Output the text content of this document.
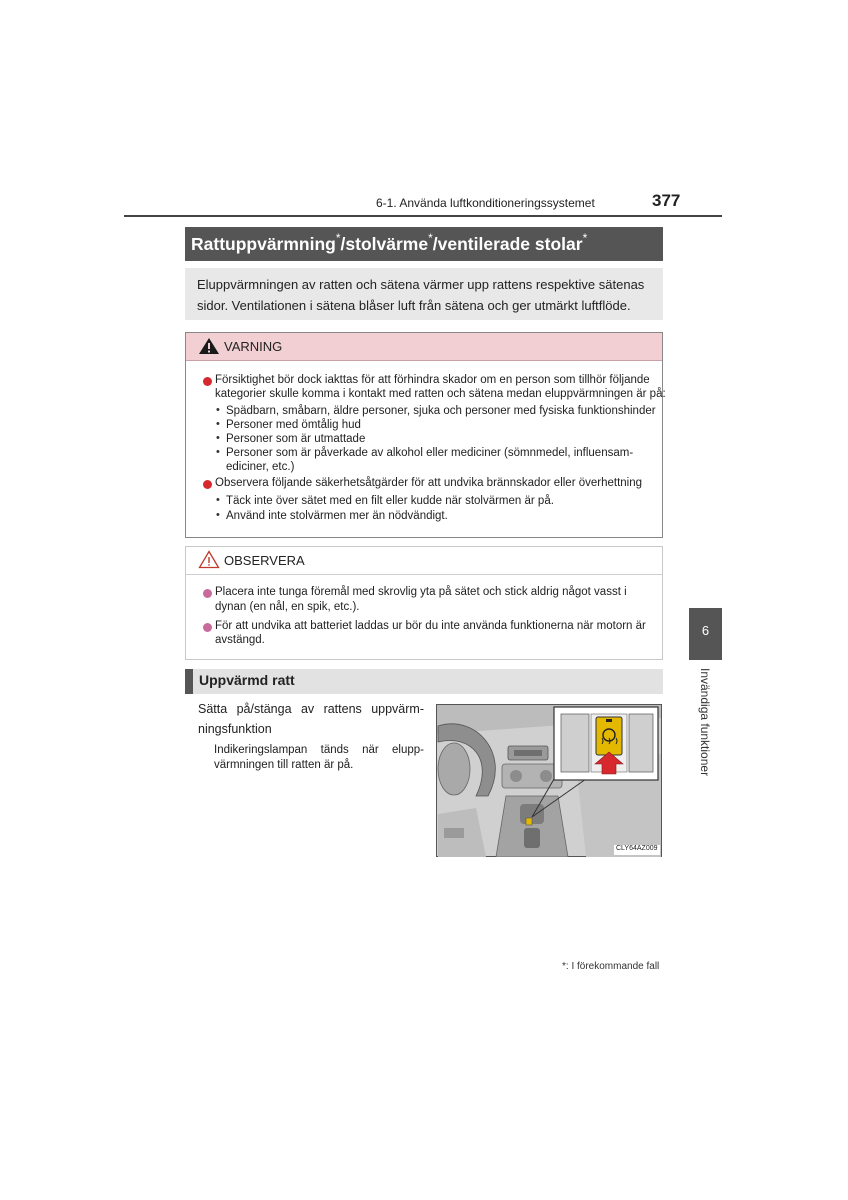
6-1. Använda luftkonditioneringssystemet	377
Rattuppvärmning*/stolvärme*/ventilerade stolar*
Eluppvärmningen av ratten och sätena värmer upp rattens respektive sätenas
sidor. Ventilationen i sätena blåser luft från sätena och ger utmärkt luftflöde.
VARNING
Försiktighet bör dock iakttas för att förhindra skador om en person som tillhör följande
kategorier skulle komma i kontakt med ratten och sätena medan eluppvärmningen är på:
• Spädbarn, småbarn, äldre personer, sjuka och personer med fysiska funktionshinder
• Personer med ömtålig hud
• Personer som är utmattade
• Personer som är påverkade av alkohol eller mediciner (sömnmedel, influensam-
ediciner, etc.)
Observera följande säkerhetsåtgärder för att undvika brännskador eller överhettning
• Täck inte över sätet med en filt eller kudde när stolvärmen är på.
• Använd inte stolvärmen mer än nödvändigt.
OBSERVERA
Placera inte tunga föremål med skrovlig yta på sätet och stick aldrig något vasst i
dynan (en nål, en spik, etc.).
För att undvika att batteriet laddas ur bör du inte använda funktionerna när motorn är
avstängd.
Uppvärmd ratt
Sätta på/stänga av rattens uppvärm-
ningsfunktion
Indikeringslampan tänds när elupp-
värmningen till ratten är på.
CLY64AZ009
6
Invändiga funktioner
*: I förekommande fall
